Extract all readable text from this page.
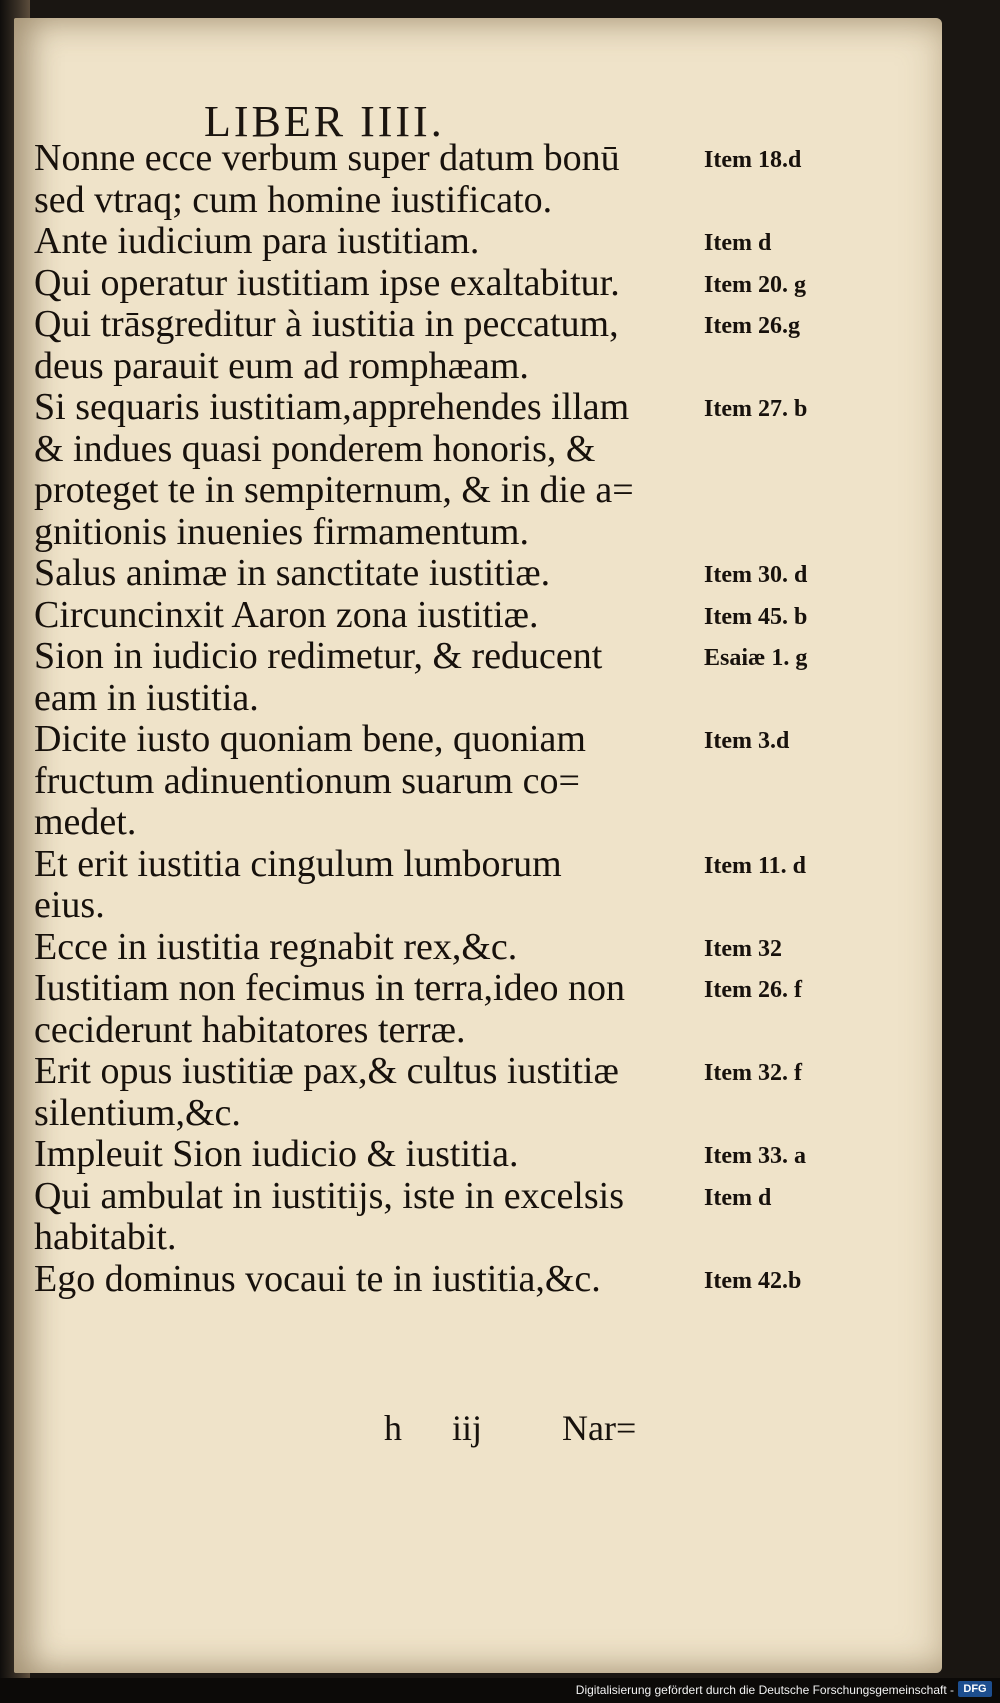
LIBER IIII.
Nonne ecce verbum super datum bonū	Item 18.d
sed vtraq; cum homine iustificato.
Ante iudicium para iustitiam.	Item d
Qui operatur iustitiam ipse exaltabitur.	Item 20. g
Qui trāsgreditur à iustitia in peccatum,	Item 26.g
deus parauit eum ad romphæam.
Si sequaris iustitiam,apprehendes illam	Item 27. b
& indues quasi ponderem honoris, &
proteget te in sempiternum, & in die a=
gnitionis inuenies firmamentum.
Salus animæ in sanctitate iustitiæ.	Item 30. d
Circuncinxit Aaron zona iustitiæ.	Item 45. b
Sion in iudicio redimetur, & reducent	Esaiæ 1. g
eam in iustitia.
Dicite iusto quoniam bene, quoniam	Item 3.d
fructum adinuentionum suarum co=
medet.
Et erit iustitia cingulum lumborum	Item 11. d
eius.
Ecce in iustitia regnabit rex,&c.	Item 32
Iustitiam non fecimus in terra,ideo non	Item 26. f
ceciderunt habitatores terræ.
Erit opus iustitiæ pax,& cultus iustitiæ	Item 32. f
silentium,&c.
Impleuit Sion iudicio & iustitia.	Item 33. a
Qui ambulat in iustitijs, iste in excelsis	Item d
habitabit.
Ego dominus vocaui te in iustitia,&c.	Item 42.b
h iij Nar=
Digitalisierung gefördert durch die Deutsche Forschungsgemeinschaft - DFG
